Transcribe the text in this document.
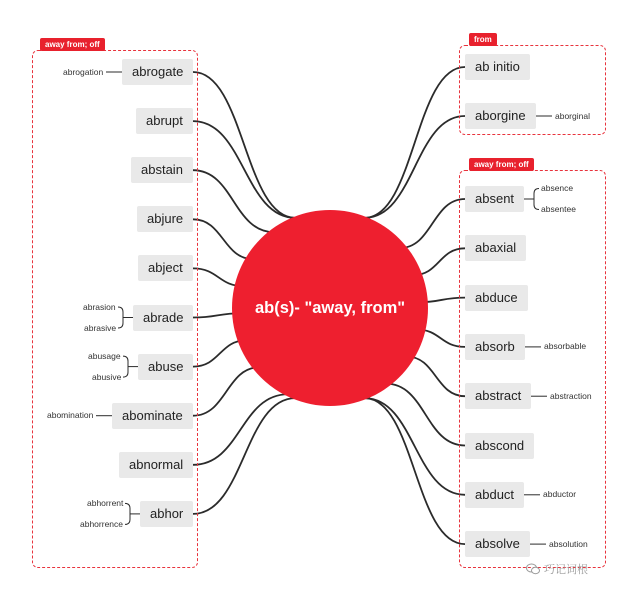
away from; off
from
away from; off
ab(s)- "away, from"
abrogate
abrogation
abrupt
abstain
abjure
abject
abrade
abrasion
abrasive
abuse
abusage
abusive
abominate
abomination
abnormal
abhor
abhorrent
abhorrence
ab initio
aborgine	aborginal
absent
absence
absentee
abaxial
abduce
absorb	absorbable
abstract	abstraction
abscond
abduct	abductor
absolve	absolution
巧记词根
